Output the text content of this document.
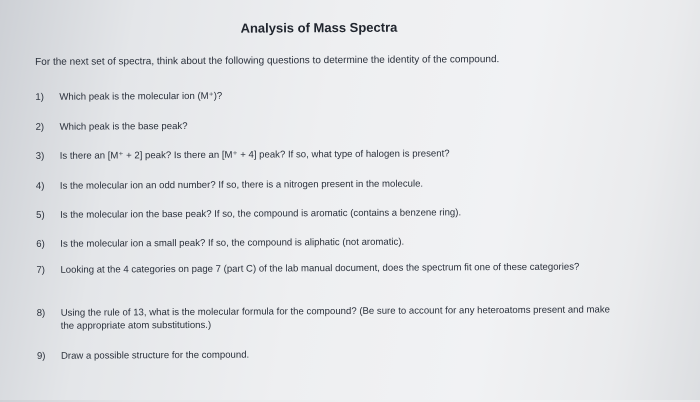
Analysis of Mass Spectra
For the next set of spectra, think about the following questions to determine the identity of the compound.
1)	Which peak is the molecular ion (M⁺)?
2)	Which peak is the base peak?
3)	Is there an [M⁺ + 2] peak? Is there an [M⁺ + 4] peak? If so, what type of halogen is present?
4)	Is the molecular ion an odd number? If so, there is a nitrogen present in the molecule.
5)	Is the molecular ion the base peak? If so, the compound is aromatic (contains a benzene ring).
6)	Is the molecular ion a small peak? If so, the compound is aliphatic (not aromatic).
7)	Looking at the 4 categories on page 7 (part C) of the lab manual document, does the spectrum fit one of these categories?
8)	Using the rule of 13, what is the molecular formula for the compound? (Be sure to account for any heteroatoms present and make the appropriate atom substitutions.)
9)	Draw a possible structure for the compound.
